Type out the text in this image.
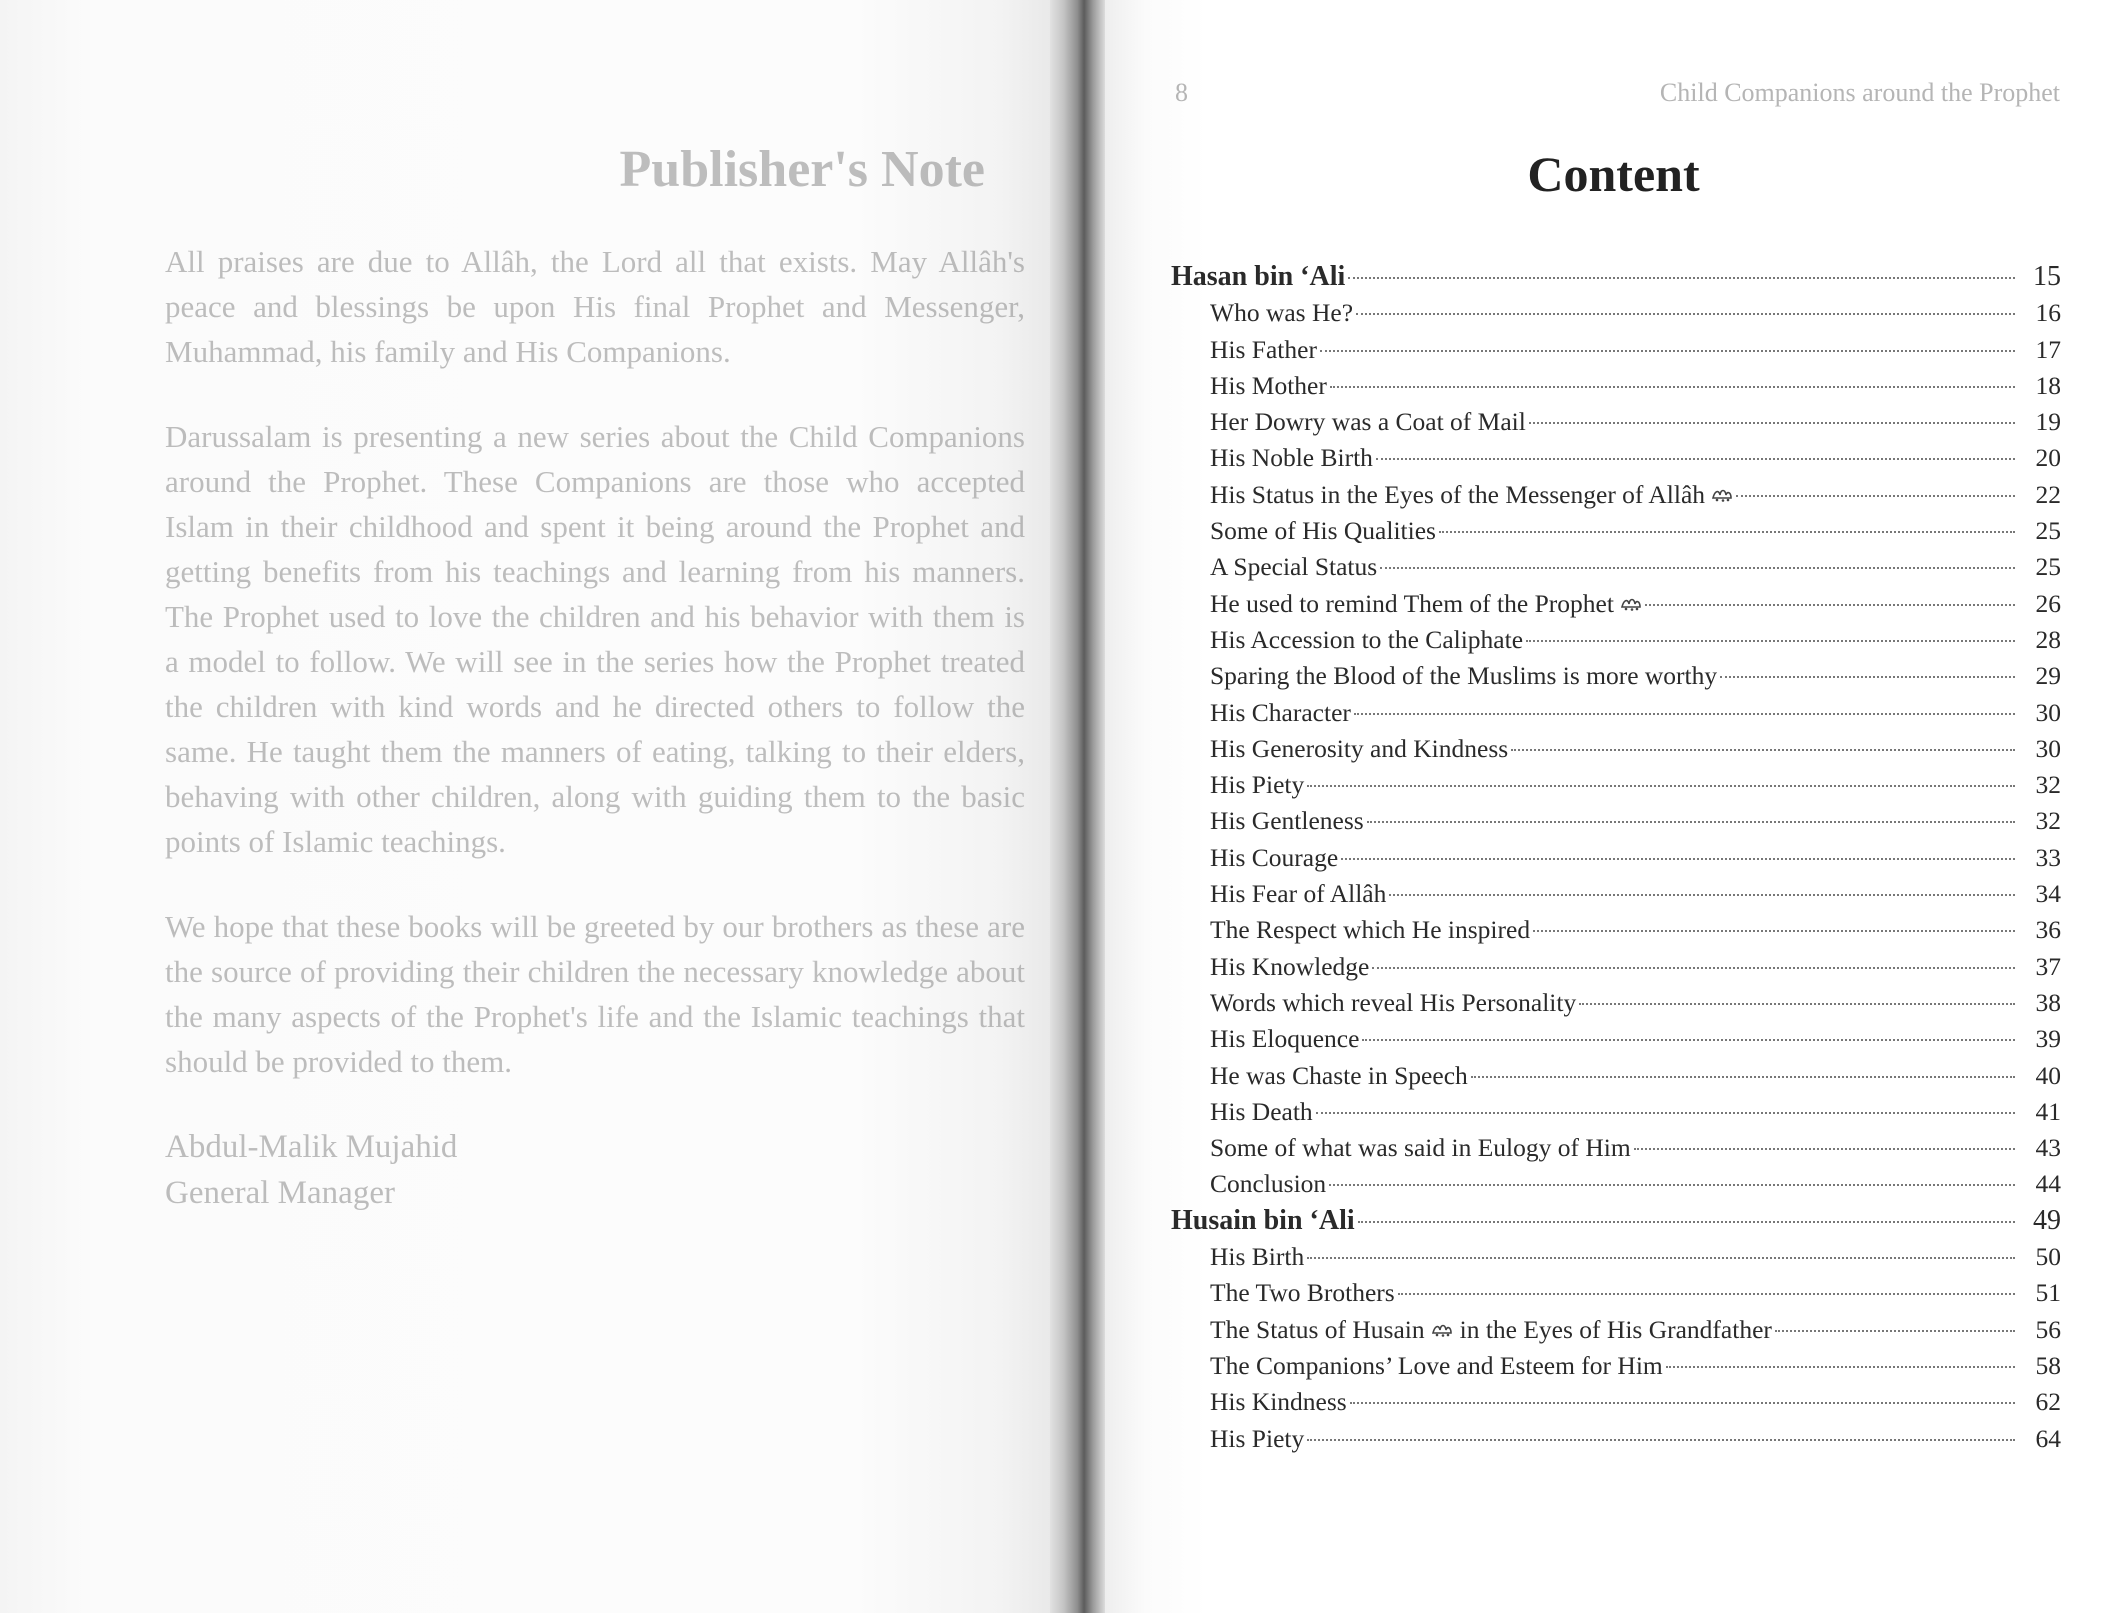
Publisher's Note

All praises are due to Allâh, the Lord all that exists. May Allâh's peace and blessings be upon His final Prophet and Messenger, Muhammad, his family and His Companions.

Darussalam is presenting a new series about the Child Companions around the Prophet. These Companions are those who accepted Islam in their childhood and spent it being around the Prophet and getting benefits from his teachings and learning from his manners. The Prophet used to love the children and his behavior with them is a model to follow. We will see in the series how the Prophet treated the children with kind words and he directed others to follow the same. He taught them the manners of eating, talking to their elders, behaving with other children, along with guiding them to the basic points of Islamic teachings.

We hope that these books will be greeted by our brothers as these are the source of providing their children the necessary knowledge about the many aspects of the Prophet's life and the Islamic teachings that should be provided to them.

Abdul-Malik Mujahid
General Manager
8	Child Companions around the Prophet
Content
Hasan bin ‘Ali	15
Who was He?	16
His Father	17
His Mother	18
Her Dowry was a Coat of Mail	19
His Noble Birth	20
His Status in the Eyes of the Messenger of Allâh	22
Some of His Qualities	25
A Special Status	25
He used to remind Them of the Prophet	26
His Accession to the Caliphate	28
Sparing the Blood of the Muslims is more worthy	29
His Character	30
His Generosity and Kindness	30
His Piety	32
His Gentleness	32
His Courage	33
His Fear of Allâh	34
The Respect which He inspired	36
His Knowledge	37
Words which reveal His Personality	38
His Eloquence	39
He was Chaste in Speech	40
His Death	41
Some of what was said in Eulogy of Him	43
Conclusion	44
Husain bin ‘Ali	49
His Birth	50
The Two Brothers	51
The Status of Husain in the Eyes of His Grandfather	56
The Companions’ Love and Esteem for Him	58
His Kindness	62
His Piety	64
